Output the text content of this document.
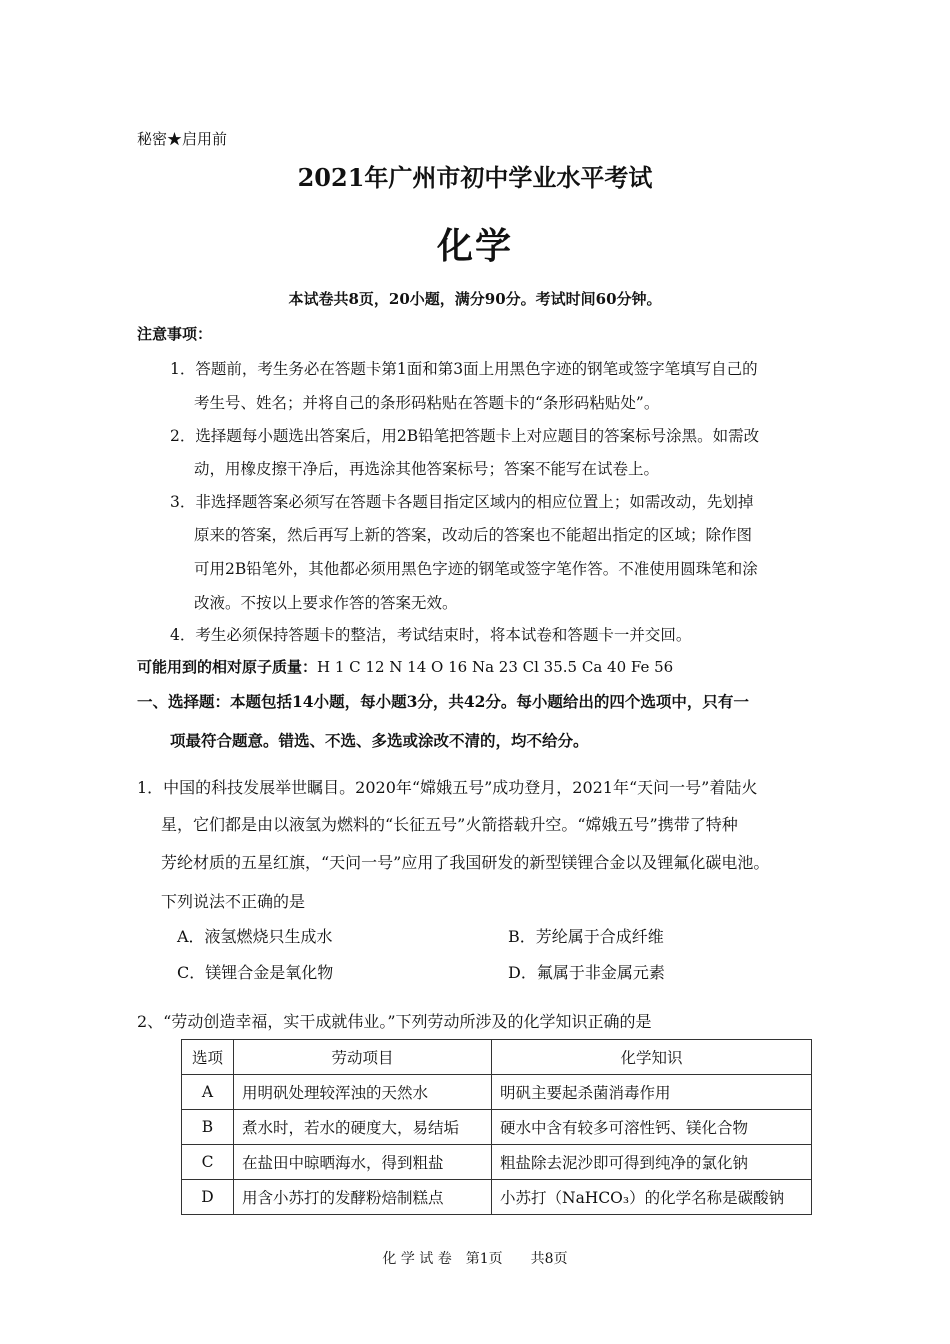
秘密★启用前
2021年广州市初中学业水平考试
化学
本试卷共8页，20小题，满分90分。考试时间60分钟。
注意事项：
1．答题前，考生务必在答题卡第1面和第3面上用黑色字迹的钢笔或签字笔填写自己的
考生号、姓名；并将自己的条形码粘贴在答题卡的“条形码粘贴处”。
2．选择题每小题选出答案后，用2B铅笔把答题卡上对应题目的答案标号涂黑。如需改
动，用橡皮擦干净后，再选涂其他答案标号；答案不能写在试卷上。
3．非选择题答案必须写在答题卡各题目指定区域内的相应位置上；如需改动，先划掉
原来的答案，然后再写上新的答案，改动后的答案也不能超出指定的区域；除作图
可用2B铅笔外，其他都必须用黑色字迹的钢笔或签字笔作答。不准使用圆珠笔和涂
改液。不按以上要求作答的答案无效。
4．考生必须保持答题卡的整洁，考试结束时，将本试卷和答题卡一并交回。
可能用到的相对原子质量：H 1 C 12 N 14 O 16 Na 23 Cl 35.5 Ca 40 Fe 56
一、选择题：本题包括14小题，每小题3分，共42分。每小题给出的四个选项中，只有一
项最符合题意。错选、不选、多选或涂改不清的，均不给分。
1．中国的科技发展举世瞩目。2020年“嫦娥五号”成功登月，2021年“天问一号”着陆火
星，它们都是由以液氢为燃料的“长征五号”火箭搭载升空。“嫦娥五号”携带了特种
芳纶材质的五星红旗，“天问一号”应用了我国研发的新型镁锂合金以及锂氟化碳电池。
下列说法不正确的是
A．液氢燃烧只生成水	B．芳纶属于合成纤维
C．镁锂合金是氧化物	D．氟属于非金属元素
2、“劳动创造幸福，实干成就伟业。”下列劳动所涉及的化学知识正确的是
选项	劳动项目	化学知识
A	用明矾处理较浑浊的天然水	明矾主要起杀菌消毒作用
B	煮水时，若水的硬度大，易结垢	硬水中含有较多可溶性钙、镁化合物
C	在盐田中晾晒海水，得到粗盐	粗盐除去泥沙即可得到纯净的氯化钠
D	用含小苏打的发酵粉焙制糕点	小苏打（NaHCO₃）的化学名称是碳酸钠
化 学 试 卷 第1页 共8页
